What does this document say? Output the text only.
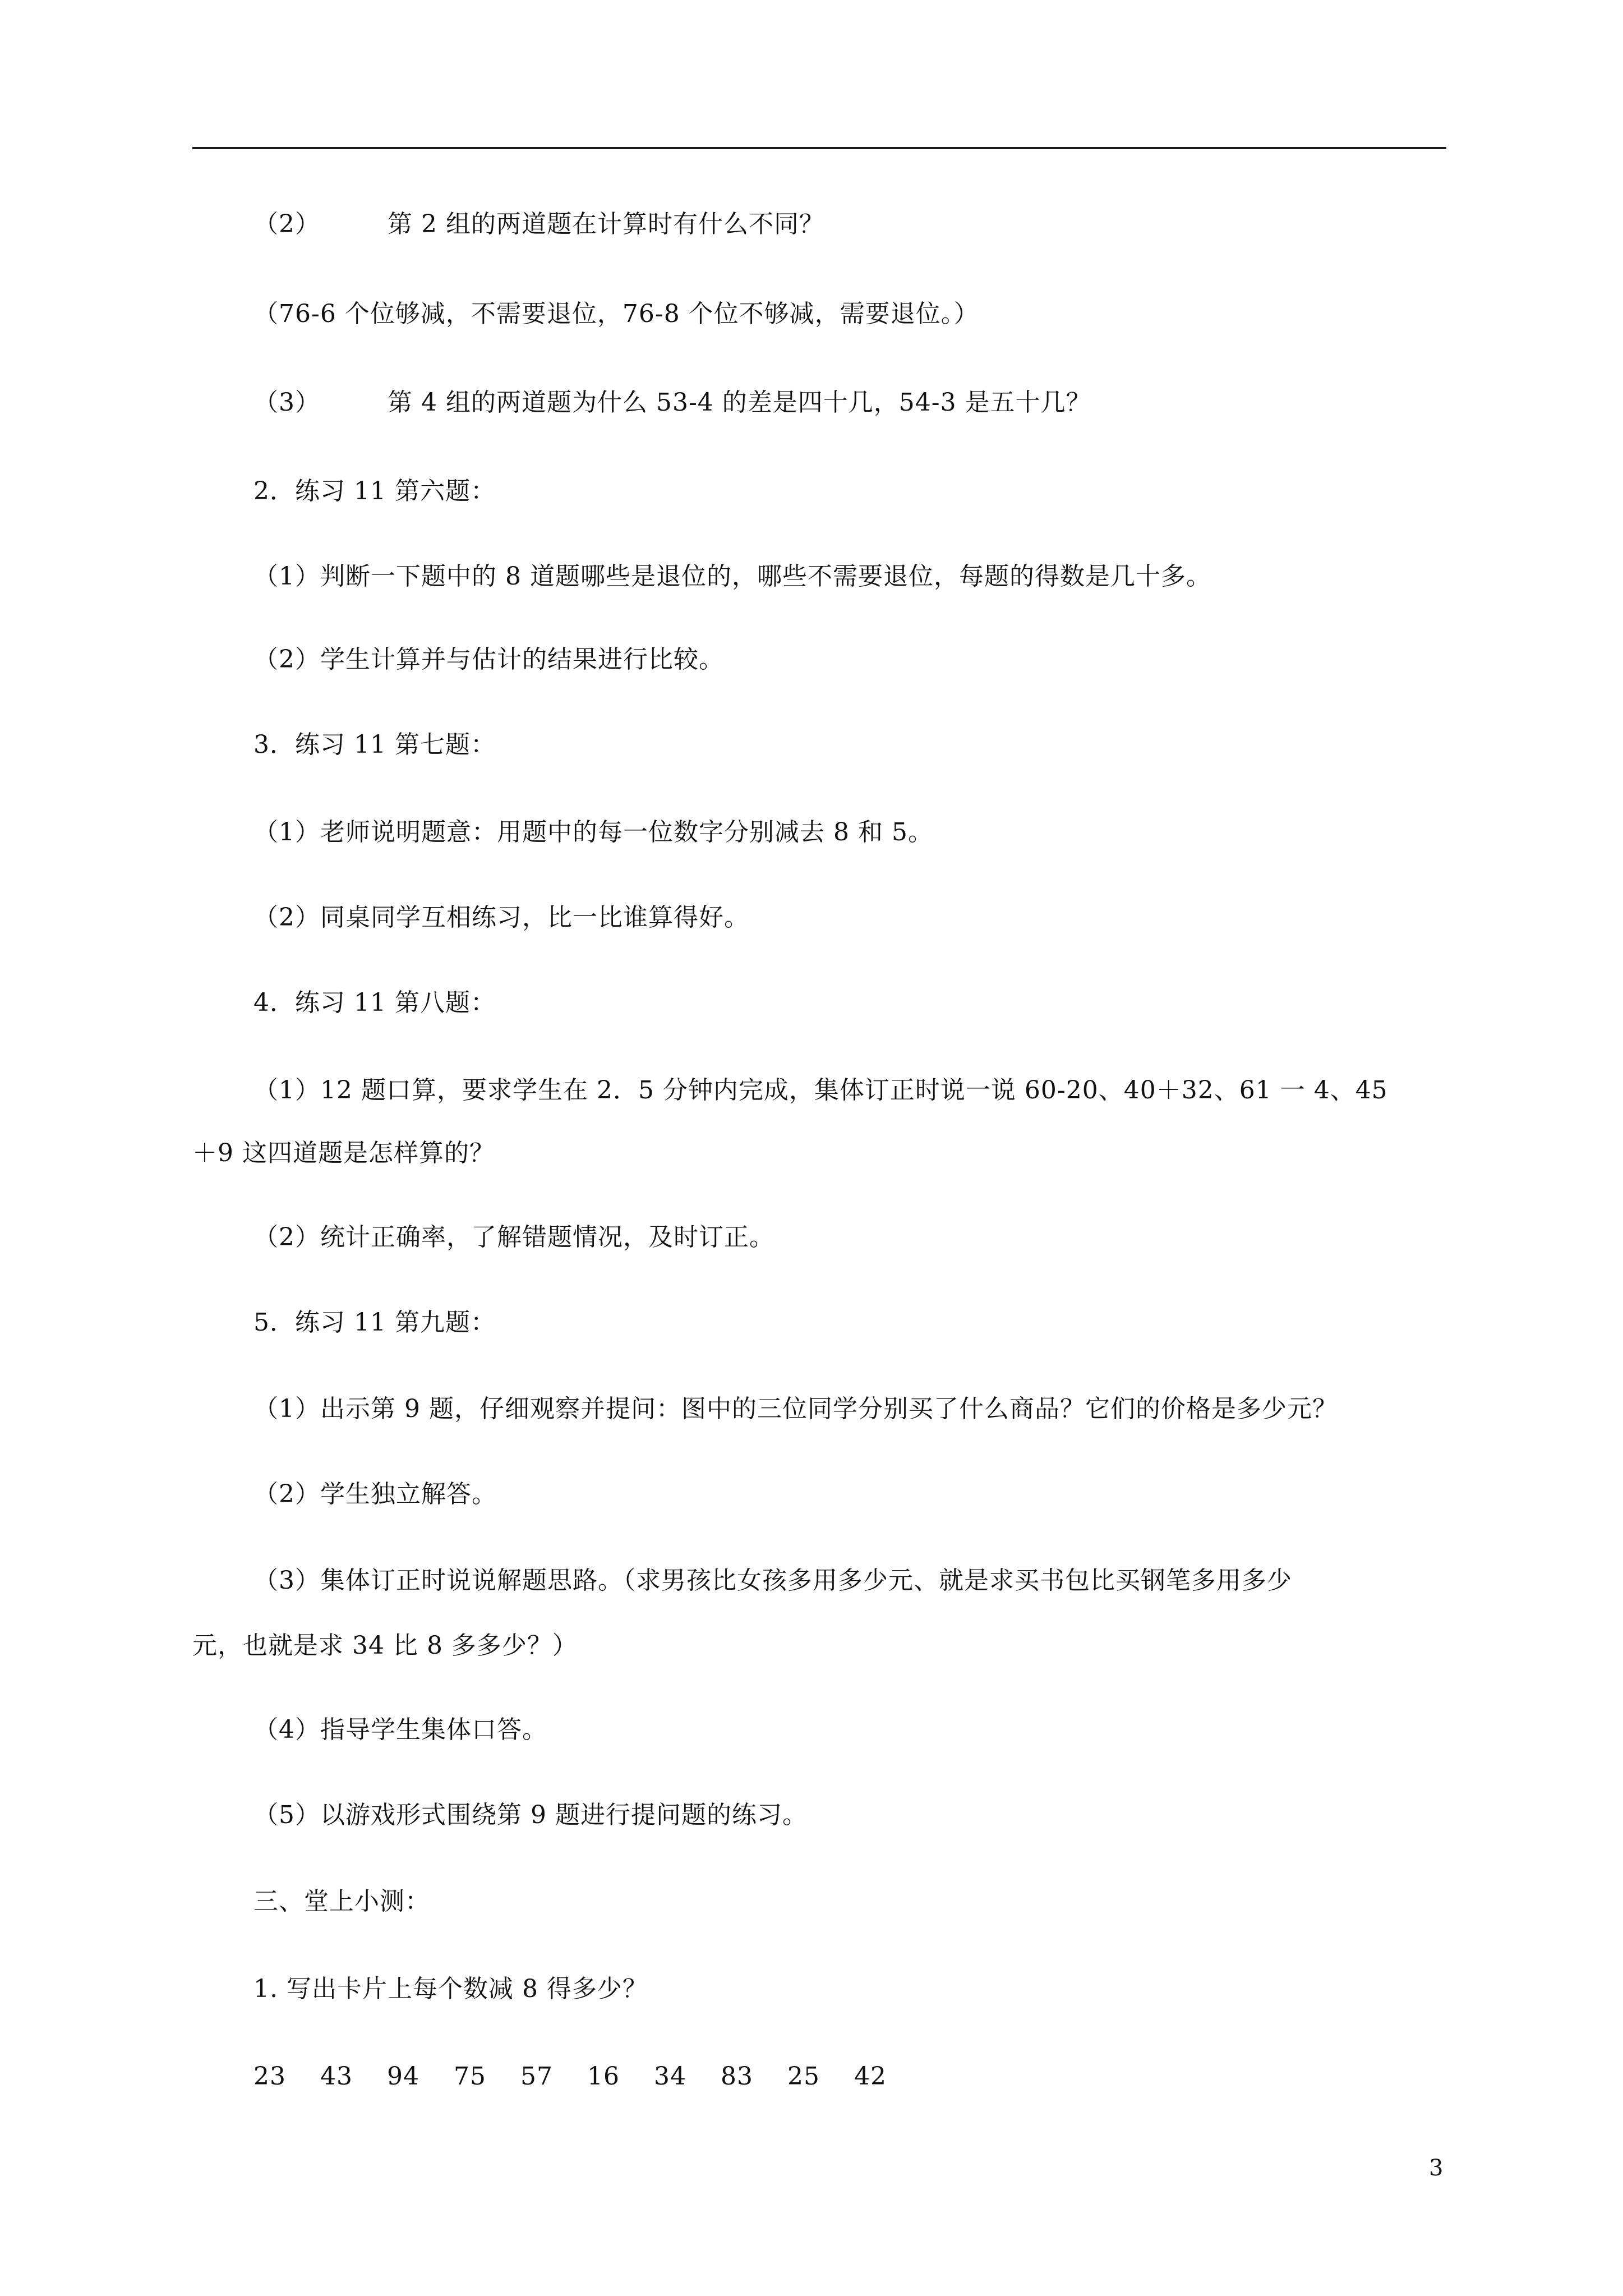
（2）	第 2 组的两道题在计算时有什么不同？
（76-6 个位够减，不需要退位，76-8 个位不够减，需要退位。）
（3）	第 4 组的两道题为什么 53-4 的差是四十几，54-3 是五十几？
2．练习 11 第六题：
（1）判断一下题中的 8 道题哪些是退位的，哪些不需要退位，每题的得数是几十多。
（2）学生计算并与估计的结果进行比较。
3．练习 11 第七题：
（1）老师说明题意：用题中的每一位数字分别减去 8 和 5。
（2）同桌同学互相练习，比一比谁算得好。
4．练习 11 第八题：
（1）12 题口算，要求学生在 2．5 分钟内完成，集体订正时说一说 60-20、40＋32、61 一 4、45
＋9 这四道题是怎样算的？
（2）统计正确率，了解错题情况，及时订正。
5．练习 11 第九题：
（1）出示第 9 题，仔细观察并提问：图中的三位同学分别买了什么商品？它们的价格是多少元？
（2）学生独立解答。
（3）集体订正时说说解题思路。（求男孩比女孩多用多少元、就是求买书包比买钢笔多用多少
元，也就是求 34 比 8 多多少？）
（4）指导学生集体口答。
（5）以游戏形式围绕第 9 题进行提问题的练习。
三、堂上小测：
1. 写出卡片上每个数减 8 得多少？
23 43 94 75 57 16 34 83 25 42
3
